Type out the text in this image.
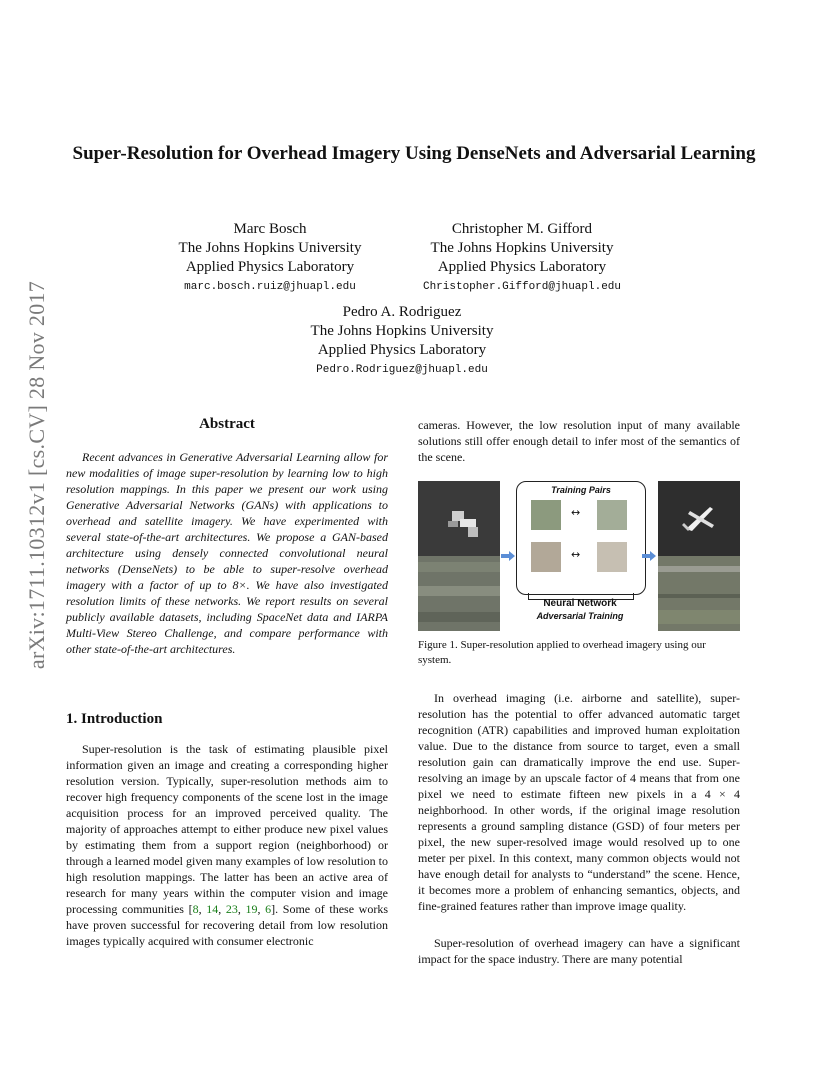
arXiv:1711.10312v1 [cs.CV] 28 Nov 2017
Super-Resolution for Overhead Imagery Using DenseNets and Adversarial Learning
Marc Bosch
The Johns Hopkins University
Applied Physics Laboratory
marc.bosch.ruiz@jhuapl.edu
Christopher M. Gifford
The Johns Hopkins University
Applied Physics Laboratory
Christopher.Gifford@jhuapl.edu
Pedro A. Rodriguez
The Johns Hopkins University
Applied Physics Laboratory
Pedro.Rodriguez@jhuapl.edu
Abstract
Recent advances in Generative Adversarial Learning allow for new modalities of image super-resolution by learning low to high resolution mappings. In this paper we present our work using Generative Adversarial Networks (GANs) with applications to overhead and satellite imagery. We have experimented with several state-of-the-art architectures. We propose a GAN-based architecture using densely connected convolutional neural networks (DenseNets) to be able to super-resolve overhead imagery with a factor of up to 8×. We have also investigated resolution limits of these networks. We report results on several publicly available datasets, including SpaceNet data and IARPA Multi-View Stereo Challenge, and compare performance with other state-of-the-art architectures.
1. Introduction
Super-resolution is the task of estimating plausible pixel information given an image and creating a corresponding higher resolution version. Typically, super-resolution methods aim to recover high frequency components of the scene lost in the image acquisition process for an improved perceived quality. The majority of approaches attempt to either produce new pixel values by estimating them from a support region (neighborhood) or through a learned model given many examples of low resolution to high resolution mappings. The latter has been an active area of research for many years within the computer vision and image processing communities [8, 14, 23, 19, 6]. Some of these works have proven successful for recovering detail from low resolution images typically acquired with consumer electronic
cameras. However, the low resolution input of many available solutions still offer enough detail to infer most of the semantics of the scene.
Training Pairs
↔
↔
Neural Network
Adversarial Training
Figure 1. Super-resolution applied to overhead imagery using our system.
In overhead imaging (i.e. airborne and satellite), super-resolution has the potential to offer advanced automatic target recognition (ATR) capabilities and improved human exploitation value. Due to the distance from source to target, even a small resolution gain can dramatically improve the end use. Super-resolving an image by an upscale factor of 4 means that from one pixel we need to estimate fifteen new pixels in a 4 × 4 neighborhood. In other words, if the original image resolution represents a ground sampling distance (GSD) of four meters per pixel, the new super-resolved image would resolved up to one meter per pixel. In this context, many common objects would not have enough detail for analysts to “understand” the scene. Hence, it becomes more a problem of enhancing semantics, objects, and fine-grained features rather than improve image quality.
Super-resolution of overhead imagery can have a significant impact for the space industry. There are many potential
